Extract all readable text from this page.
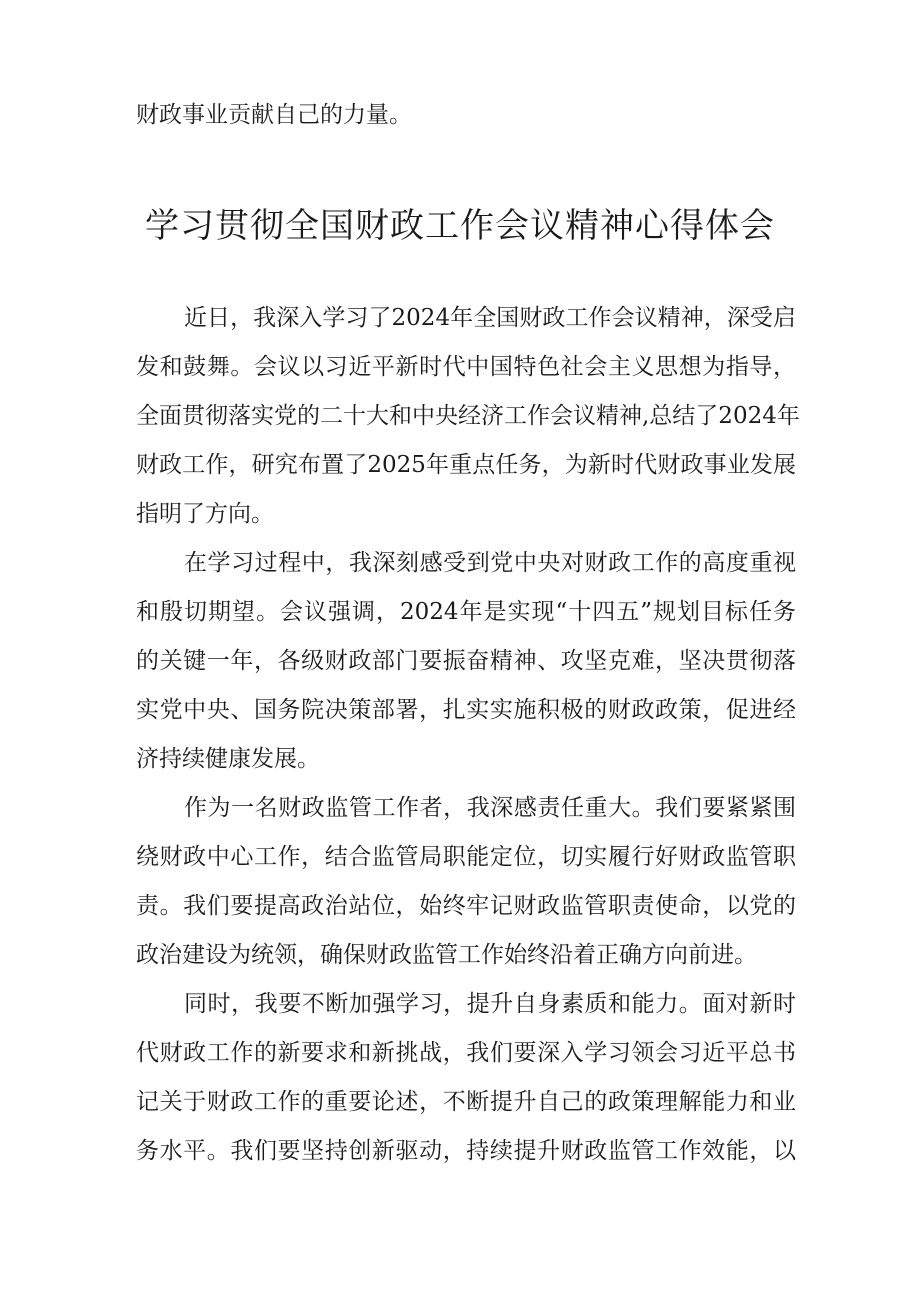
财政事业贡献自己的力量。
学习贯彻全国财政工作会议精神心得体会
近日，我深入学习了2024年全国财政工作会议精神，深受启
发和鼓舞。会议以习近平新时代中国特色社会主义思想为指导，
全面贯彻落实党的二十大和中央经济工作会议精神,总结了2024年
财政工作，研究布置了2025年重点任务，为新时代财政事业发展
指明了方向。
在学习过程中，我深刻感受到党中央对财政工作的高度重视
和殷切期望。会议强调，2024年是实现“十四五”规划目标任务
的关键一年，各级财政部门要振奋精神、攻坚克难，坚决贯彻落
实党中央、国务院决策部署，扎实实施积极的财政政策，促进经
济持续健康发展。
作为一名财政监管工作者，我深感责任重大。我们要紧紧围
绕财政中心工作，结合监管局职能定位，切实履行好财政监管职
责。我们要提高政治站位，始终牢记财政监管职责使命，以党的
政治建设为统领，确保财政监管工作始终沿着正确方向前进。
同时，我要不断加强学习，提升自身素质和能力。面对新时
代财政工作的新要求和新挑战，我们要深入学习领会习近平总书
记关于财政工作的重要论述，不断提升自己的政策理解能力和业
务水平。我们要坚持创新驱动，持续提升财政监管工作效能，以
